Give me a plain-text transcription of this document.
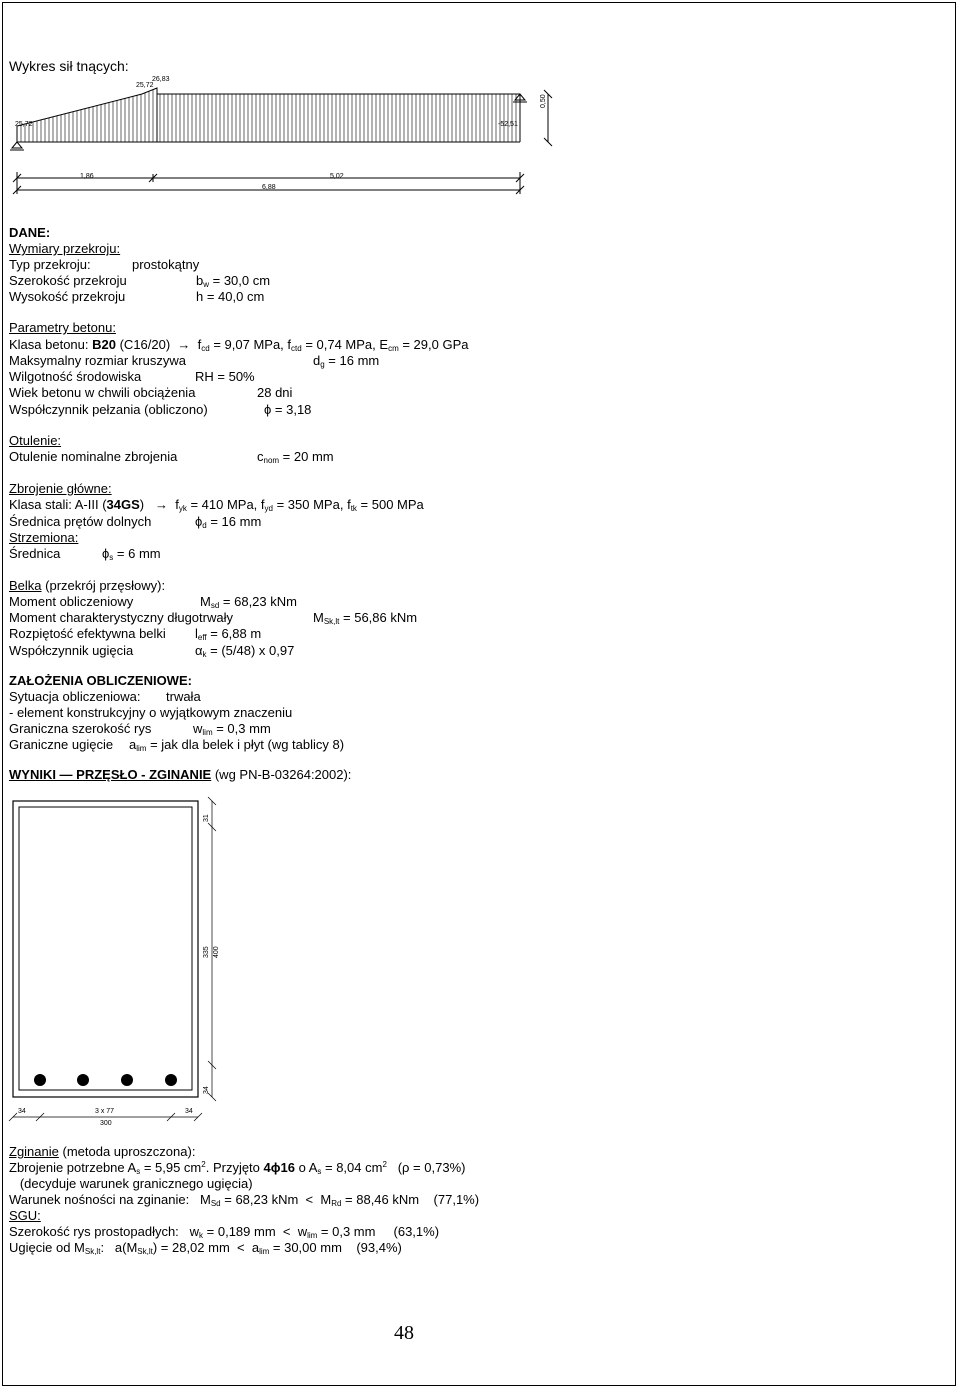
Wykres sił tnących:
25,72
25,72
26,83
-52,51
0,50
1,86	5,02
6,88
DANE:
Wymiary przekroju:
Typ przekroju:	prostokątny
Szerokość przekroju	$b_w = 30,0$ cm
Wysokość przekroju	h = 40,0 cm
Parametry betonu:
Klasa betonu: B20 $(C16/20) \to f_{cd} = 9,07$ MPa, $f_{ctd} = 0,74$ MPa, $E_{cm} = 29,0$ GPa
Maksymalny rozmiar kruszywa	$d_g = 16$ mm
Wilgotność środowiska	RH = 50%
Wiek betonu w chwili obciążenia	28 dni
Współczynnik pełzania (obliczono)	ϕ = 3,18
Otulenie:
Otulenie nominalne zbrojenia	$c_{nom} = 20$ mm
Zbrojenie główne:
Klasa stali: A-III $(34GS) \to f_{yk} = 410$ MPa, $f_{yd} = 350$ MPa, $f_{tk} = 500$ MPa
Średnica prętów dolnych	$\phi_d = 16$ mm
Strzemiona:
Średnica	$\phi_s = 6$ mm
Belka (przekrój przęsłowy):
Moment obliczeniowy	$M_{sd} = 68,23$ kNm
Moment charakterystyczny długotrwały	$M_{Sk,lt} = 56,86$ kNm
Rozpiętość efektywna belki $l_{eff} = 6,88$ m
Współczynnik ugięcia	$\alpha_k = (5/48)$ x 0,97
ZAŁOŻENIA OBLICZENIOWE:
Sytuacja obliczeniowa: trwała
- element konstrukcyjny o wyjątkowym znaczeniu
Graniczna szerokość rys	$w_{lim} = 0,3$ mm
Graniczne ugięcie $a_{lim}$ = jak dla belek i płyt (wg tablicy 8)
WYNIKI — PRZĘSŁO - ZGINANIE (wg PN-B-03264:2002):
31
335 400
34
34	3 x 77	34
300
Zginanie (metoda uproszczona):
Zbrojenie potrzebne $A_s = 5,95$ $cm^2$. Przyjęto 4ϕ16 o $A_s = 8,04$ $cm^2$   (ρ = 0,73%)
(decyduje warunek granicznego ugięcia)
Warunek nośności na zginanie:   $M_{Sd} = 68,23$ kNm  <  $M_{Rd} = 88,46$ kNm    (77,1%)
SGU:
Szerokość rys prostopadłych:   $w_k = 0,189$ mm  <  $w_{lim} = 0,3$ mm     (63,1%)
Ugięcie od $M_{Sk,lt}$:   $a(M_{Sk,lt}) = 28,02$ mm  <  $a_{lim} = 30,00$ mm    (93,4%)
48
